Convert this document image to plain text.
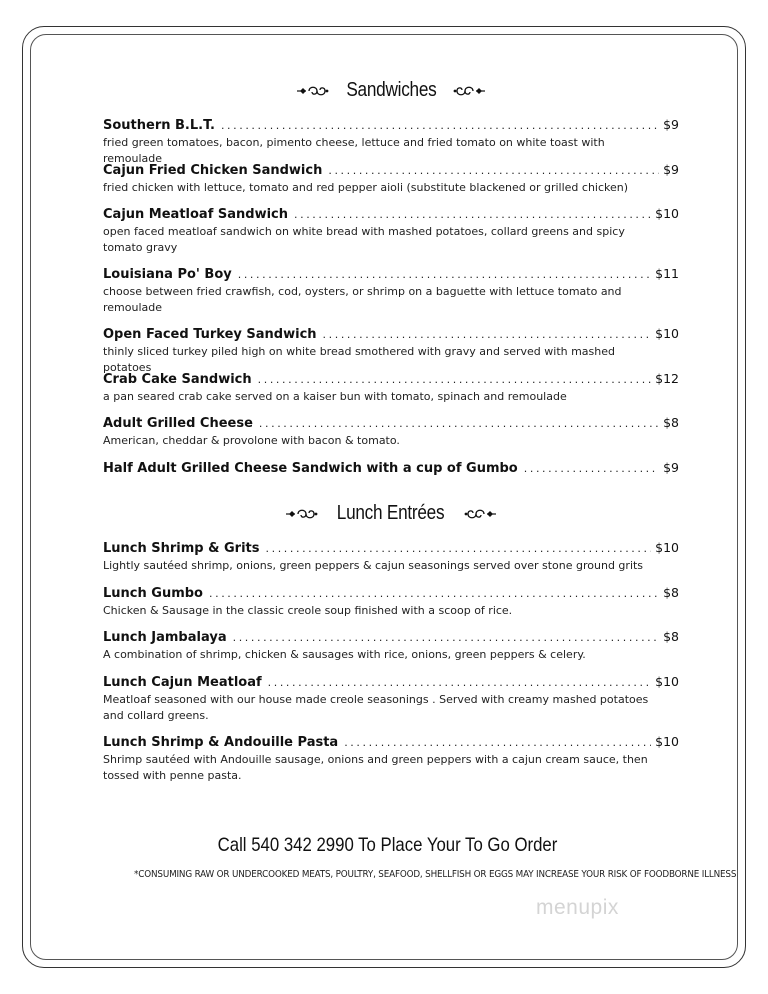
Sandwiches
Southern B.L.T. .....	$9
fried green tomatoes, bacon, pimento cheese, lettuce and fried tomato on white toast with remoulade
Cajun Fried Chicken Sandwich .....	$9
fried chicken with lettuce, tomato and red pepper aioli (substitute blackened or grilled chicken)
Cajun Meatloaf Sandwich .....	$10
open faced meatloaf sandwich on white bread with mashed potatoes, collard greens and spicy tomato gravy
Louisiana Po' Boy .....	$11
choose between fried crawfish, cod, oysters, or shrimp on a baguette with lettuce tomato and remoulade
Open Faced Turkey Sandwich .....	$10
thinly sliced turkey piled high on white bread smothered with gravy and served with mashed potatoes
Crab Cake Sandwich .....	$12
a pan seared crab cake served on a kaiser bun with tomato, spinach and remoulade
Adult Grilled Cheese .....	$8
American, cheddar & provolone with bacon & tomato.
Half Adult Grilled Cheese Sandwich with a cup of Gumbo .....	$9
Lunch Entrées
Lunch Shrimp & Grits .....	$10
Lightly sautéed shrimp, onions, green peppers & cajun seasonings served over stone ground grits
Lunch Gumbo .....	$8
Chicken & Sausage in the classic creole soup finished with a scoop of rice.
Lunch Jambalaya .....	$8
A combination of shrimp, chicken & sausages with rice, onions, green peppers & celery.
Lunch Cajun Meatloaf .....	$10
Meatloaf seasoned with our house made creole seasonings . Served with creamy mashed potatoes and collard greens.
Lunch Shrimp & Andouille Pasta .....	$10
Shrimp sautéed with Andouille sausage, onions and green peppers with a cajun cream sauce, then tossed with penne pasta.
Call 540 342 2990 To Place Your To Go Order
*CONSUMING RAW OR UNDERCOOKED MEATS, POULTRY, SEAFOOD, SHELLFISH OR EGGS MAY INCREASE YOUR RISK OF FOODBORNE ILLNESS
menupix
